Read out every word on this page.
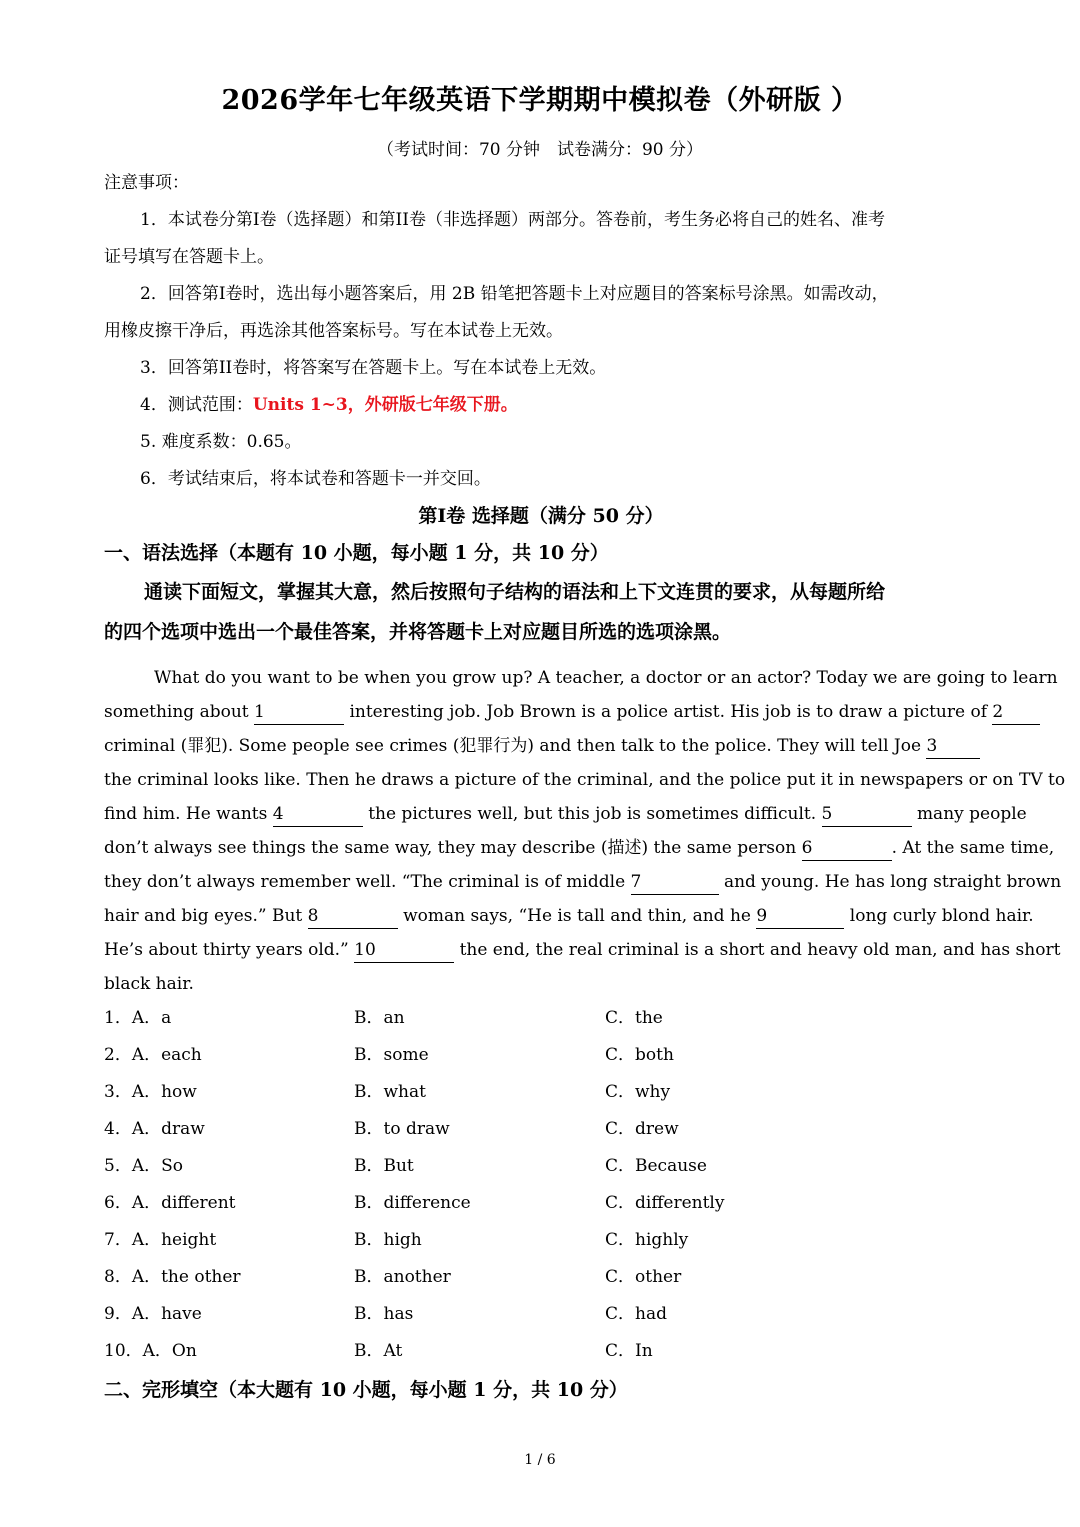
2026学年七年级英语下学期期中模拟卷（外研版 ）
（考试时间：70 分钟　试卷满分：90 分）
注意事项：
1．本试卷分第I卷（选择题）和第II卷（非选择题）两部分。答卷前，考生务必将自己的姓名、准考
证号填写在答题卡上。
2．回答第I卷时，选出每小题答案后，用 2B 铅笔把答题卡上对应题目的答案标号涂黑。如需改动，
用橡皮擦干净后，再选涂其他答案标号。写在本试卷上无效。
3．回答第II卷时，将答案写在答题卡上。写在本试卷上无效。
4．测试范围：Units 1~3，外研版七年级下册。
5. 难度系数：0.65。
6．考试结束后，将本试卷和答题卡一并交回。
第I卷 选择题（满分 50 分）
一、语法选择（本题有 10 小题，每小题 1 分，共 10 分）
通读下面短文，掌握其大意，然后按照句子结构的语法和上下文连贯的要求，从每题所给
的四个选项中选出一个最佳答案，并将答题卡上对应题目所选的选项涂黑。
What do you want to be when you grow up? A teacher, a doctor or an actor? Today we are going to learn
something about 1	interesting job. Job Brown is a police artist. His job is to draw a picture of 2
criminal (罪犯). Some people see crimes (犯罪行为) and then talk to the police. They will tell Joe 3
the criminal looks like. Then he draws a picture of the criminal, and the police put it in newspapers or on TV to
find him. He wants 4	the pictures well, but this job is sometimes difficult. 5	many people
don’t always see things the same way, they may describe (描述) the same person 6	. At the same time,
they don’t always remember well. “The criminal is of middle 7	and young. He has long straight brown
hair and big eyes.” But 8	woman says, “He is tall and thin, and he 9	long curly blond hair.
He’s about thirty years old.” 10	the end, the real criminal is a short and heavy old man, and has short
black hair.
1．A．a	B．an	C．the
2．A．each	B．some	C．both
3．A．how	B．what	C．why
4．A．draw	B．to draw	C．drew
5．A．So	B．But	C．Because
6．A．different	B．difference	C．differently
7．A．height	B．high	C．highly
8．A．the other	B．another	C．other
9．A．have	B．has	C．had
10．A．On	B．At	C．In
二、完形填空（本大题有 10 小题，每小题 1 分，共 10 分）
1 / 6
